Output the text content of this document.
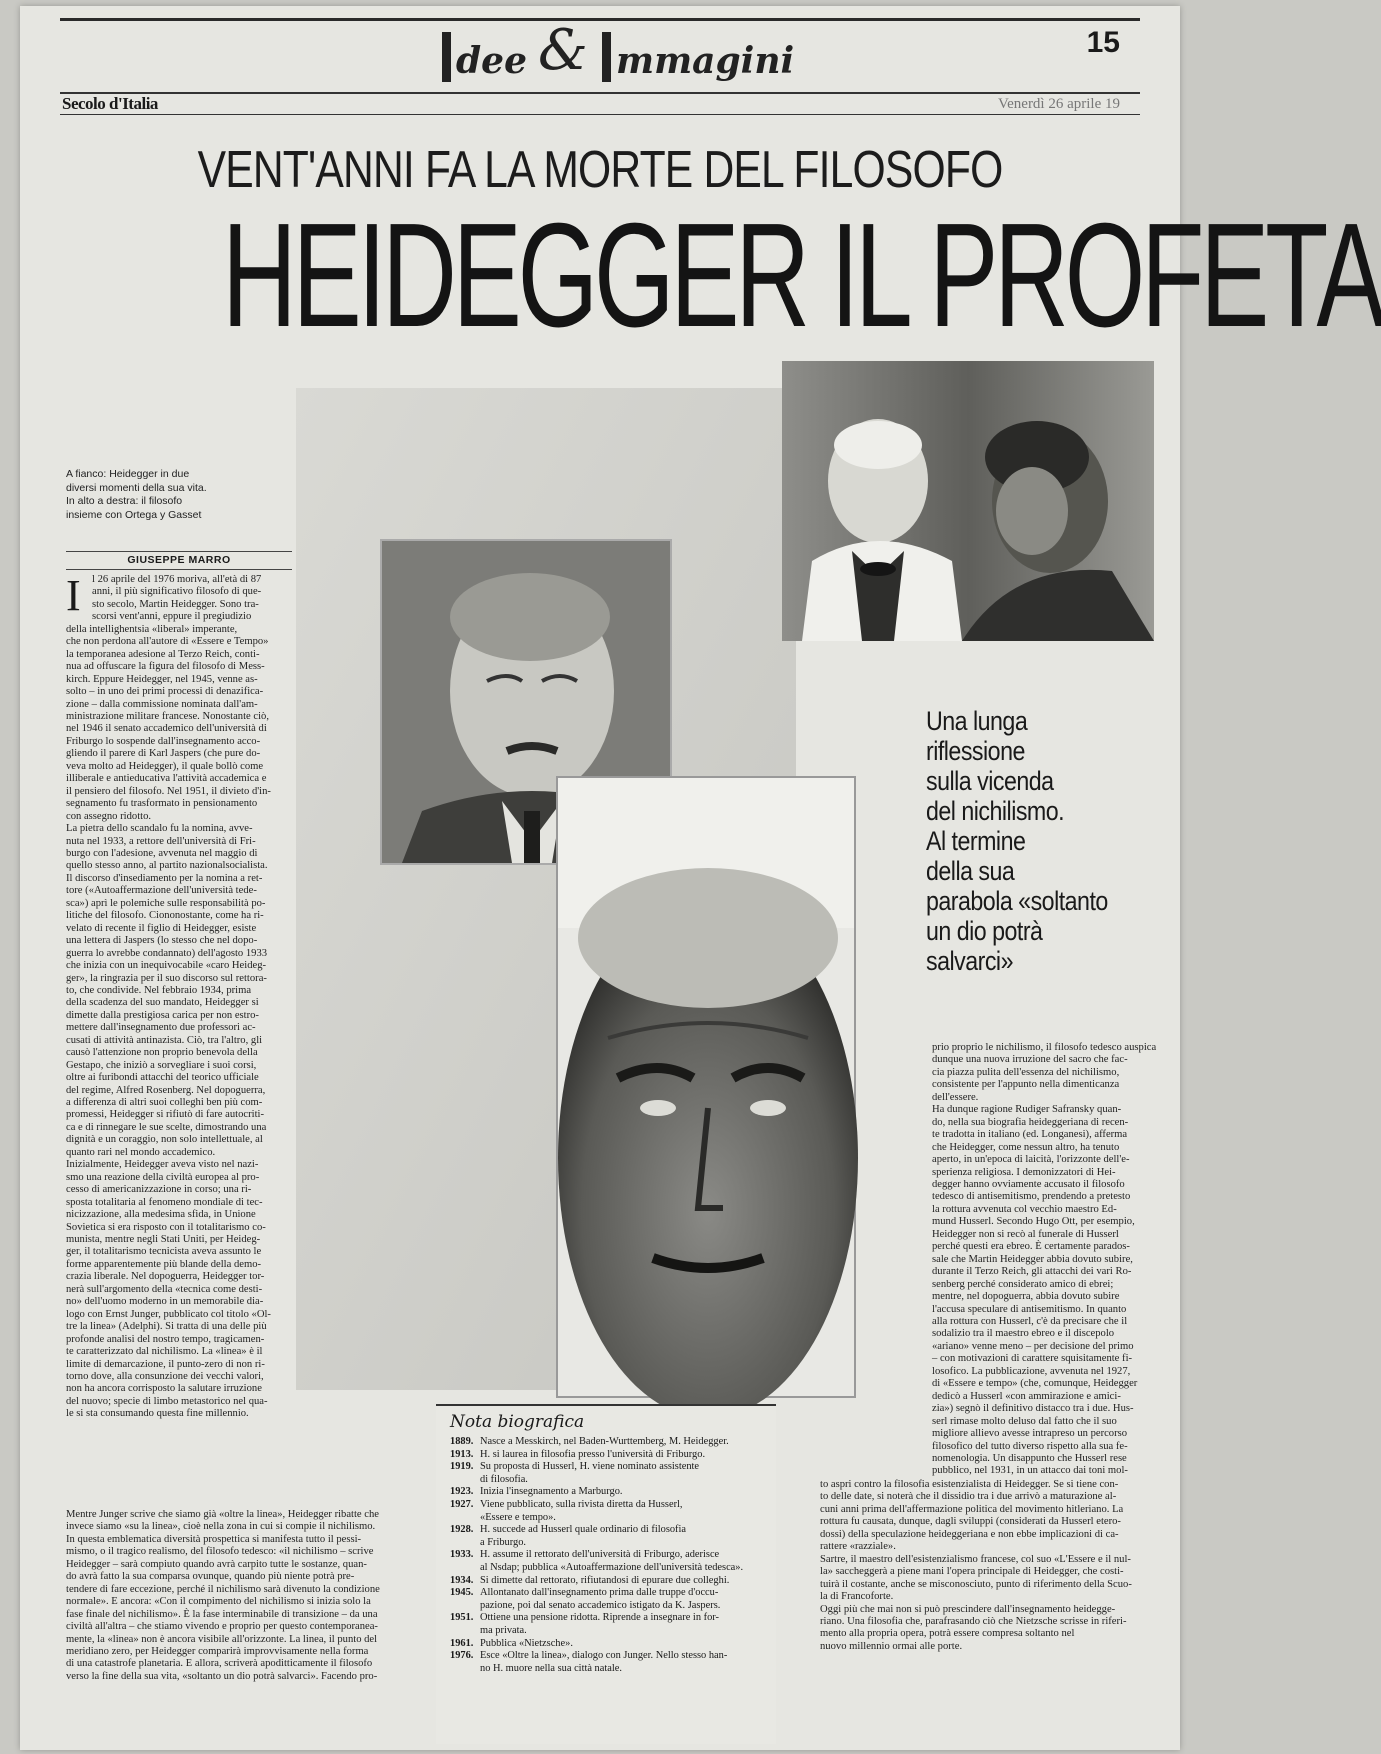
dee & mmagini	15
Secolo d'Italia	Venerdì 26 aprile 19
VENT'ANNI FA LA MORTE DEL FILOSOFO
HEIDEGGER IL PROFETA
A fianco: Heidegger in due
diversi momenti della sua vita.
In alto a destra: il filosofo
insieme con Ortega y Gasset
GIUSEPPE MARRO
I	l 26 aprile del 1976 moriva, all'età di 87
anni, il più significativo filosofo di que-
sto secolo, Martin Heidegger. Sono tra-
scorsi vent'anni, eppure il pregiudizio
della intellighentsia «liberal» imperante,
che non perdona all'autore di «Essere e Tempo»
la temporanea adesione al Terzo Reich, conti-
nua ad offuscare la figura del filosofo di Mess-
kirch. Eppure Heidegger, nel 1945, venne as-
solto – in uno dei primi processi di denazifica-
zione – dalla commissione nominata dall'am-
ministrazione militare francese. Nonostante ciò,
nel 1946 il senato accademico dell'università di
Friburgo lo sospende dall'insegnamento acco-
gliendo il parere di Karl Jaspers (che pure do-
veva molto ad Heidegger), il quale bollò come
illiberale e antieducativa l'attività accademica e
il pensiero del filosofo. Nel 1951, il divieto d'in-
segnamento fu trasformato in pensionamento
con assegno ridotto.
La pietra dello scandalo fu la nomina, avve-
nuta nel 1933, a rettore dell'università di Fri-
burgo con l'adesione, avvenuta nel maggio di
quello stesso anno, al partito nazionalsocialista.
Il discorso d'insediamento per la nomina a ret-
tore («Autoaffermazione dell'università tede-
sca») aprì le polemiche sulle responsabilità po-
litiche del filosofo. Ciononostante, come ha ri-
velato di recente il figlio di Heidegger, esiste
una lettera di Jaspers (lo stesso che nel dopo-
guerra lo avrebbe condannato) dell'agosto 1933
che inizia con un inequivocabile «caro Heideg-
ger», la ringrazia per il suo discorso sul rettora-
to, che condivide. Nel febbraio 1934, prima
della scadenza del suo mandato, Heidegger si
dimette dalla prestigiosa carica per non estro-
mettere dall'insegnamento due professori ac-
cusati di attività antinazista. Ciò, tra l'altro, gli
causò l'attenzione non proprio benevola della
Gestapo, che iniziò a sorvegliare i suoi corsi,
oltre ai furibondi attacchi del teorico ufficiale
del regime, Alfred Rosenberg. Nel dopoguerra,
a differenza di altri suoi colleghi ben più com-
promessi, Heidegger si rifiutò di fare autocriti-
ca e di rinnegare le sue scelte, dimostrando una
dignità e un coraggio, non solo intellettuale, al
quanto rari nel mondo accademico.
Inizialmente, Heidegger aveva visto nel nazi-
smo una reazione della civiltà europea al pro-
cesso di americanizzazione in corso; una ri-
sposta totalitaria al fenomeno mondiale di tec-
nicizzazione, alla medesima sfida, in Unione
Sovietica si era risposto con il totalitarismo co-
munista, mentre negli Stati Uniti, per Heideg-
ger, il totalitarismo tecnicista aveva assunto le
forme apparentemente più blande della demo-
crazia liberale. Nel dopoguerra, Heidegger tor-
nerà sull'argomento della «tecnica come desti-
no» dell'uomo moderno in un memorabile dia-
logo con Ernst Junger, pubblicato col titolo «Ol-
tre la linea» (Adelphi). Si tratta di una delle più
profonde analisi del nostro tempo, tragicamen-
te caratterizzato dal nichilismo. La «linea» è il
limite di demarcazione, il punto-zero di non ri-
torno dove, alla consunzione dei vecchi valori,
non ha ancora corrisposto la salutare irruzione
del nuovo; specie di limbo metastorico nel qua-
le si sta consumando questa fine millennio.
Mentre Junger scrive che siamo già «oltre la linea», Heidegger ribatte che
invece siamo «su la linea», cioè nella zona in cui si compie il nichilismo.
In questa emblematica diversità prospettica si manifesta tutto il pessi-
mismo, o il tragico realismo, del filosofo tedesco: «il nichilismo – scrive
Heidegger – sarà compiuto quando avrà carpito tutte le sostanze, quan-
do avrà fatto la sua comparsa ovunque, quando più niente potrà pre-
tendere di fare eccezione, perché il nichilismo sarà divenuto la condizione
normale». E ancora: «Con il compimento del nichilismo si inizia solo la
fase finale del nichilismo». È la fase interminabile di transizione – da una
civiltà all'altra – che stiamo vivendo e proprio per questo contemporanea-
mente, la «linea» non è ancora visibile all'orizzonte. La linea, il punto del
meridiano zero, per Heidegger comparirà improvvisamente nella forma
di una catastrofe planetaria. E allora, scriverà apoditticamente il filosofo
verso la fine della sua vita, «soltanto un dio potrà salvarci». Facendo pro-
Una lunga
riflessione
sulla vicenda
del nichilismo.
Al termine
della sua
parabola «soltanto
un dio potrà
salvarci»
prio proprio le nichilismo, il filosofo tedesco auspica
dunque una nuova irruzione del sacro che fac-
cia piazza pulita dell'essenza del nichilismo,
consistente per l'appunto nella dimenticanza
dell'essere.
Ha dunque ragione Rudiger Safransky quan-
do, nella sua biografia heideggeriana di recen-
te tradotta in italiano (ed. Longanesi), afferma
che Heidegger, come nessun altro, ha tenuto
aperto, in un'epoca di laicità, l'orizzonte dell'e-
sperienza religiosa. I demonizzatori di Hei-
degger hanno ovviamente accusato il filosofo
tedesco di antisemitismo, prendendo a pretesto
la rottura avvenuta col vecchio maestro Ed-
mund Husserl. Secondo Hugo Ott, per esempio,
Heidegger non si recò al funerale di Husserl
perché questi era ebreo. È certamente parados-
sale che Martin Heidegger abbia dovuto subire,
durante il Terzo Reich, gli attacchi dei vari Ro-
senberg perché considerato amico di ebrei;
mentre, nel dopoguerra, abbia dovuto subire
l'accusa speculare di antisemitismo. In quanto
alla rottura con Husserl, c'è da precisare che il
sodalizio tra il maestro ebreo e il discepolo
«ariano» venne meno – per decisione del primo
– con motivazioni di carattere squisitamente fi-
losofico. La pubblicazione, avvenuta nel 1927,
di «Essere e tempo» (che, comunque, Heidegger
dedicò a Husserl «con ammirazione e amici-
zia») segnò il definitivo distacco tra i due. Hus-
serl rimase molto deluso dal fatto che il suo
migliore allievo avesse intrapreso un percorso
filosofico del tutto diverso rispetto alla sua fe-
nomenologia. Un disappunto che Husserl rese
pubblico, nel 1931, in un attacco dai toni mol-
to aspri contro la filosofia esistenzialista di Heidegger. Se si tiene con-
to delle date, si noterà che il dissidio tra i due arrivò a maturazione al-
cuni anni prima dell'affermazione politica del movimento hitleriano. La
rottura fu causata, dunque, dagli sviluppi (considerati da Husserl etero-
dossi) della speculazione heideggeriana e non ebbe implicazioni di ca-
rattere «razziale».
Sartre, il maestro dell'esistenzialismo francese, col suo «L'Essere e il nul-
la» saccheggerà a piene mani l'opera principale di Heidegger, che costi-
tuirà il costante, anche se misconosciuto, punto di riferimento della Scuo-
la di Francoforte.
Oggi più che mai non si può prescindere dall'insegnamento heidegge-
riano. Una filosofia che, parafrasando ciò che Nietzsche scrisse in riferi-
mento alla propria opera, potrà essere compresa soltanto nel
nuovo millennio ormai alle porte.
Nota biografica
1889. Nasce a Messkirch, nel Baden-Wurttemberg, M. Heidegger.
1913. H. si laurea in filosofia presso l'università di Friburgo.
1919. Su proposta di Husserl, H. viene nominato assistente
di filosofia.
1923. Inizia l'insegnamento a Marburgo.
1927. Viene pubblicato, sulla rivista diretta da Husserl,
«Essere e tempo».
1928. H. succede ad Husserl quale ordinario di filosofia
a Friburgo.
1933. H. assume il rettorato dell'università di Friburgo, aderisce
al Nsdap; pubblica «Autoaffermazione dell'università tedesca».
1934. Si dimette dal rettorato, rifiutandosi di epurare due colleghi.
1945. Allontanato dall'insegnamento prima dalle truppe d'occu-
pazione, poi dal senato accademico istigato da K. Jaspers.
1951. Ottiene una pensione ridotta. Riprende a insegnare in for-
ma privata.
1961. Pubblica «Nietzsche».
1976. Esce «Oltre la linea», dialogo con Junger. Nello stesso han-
no H. muore nella sua città natale.
